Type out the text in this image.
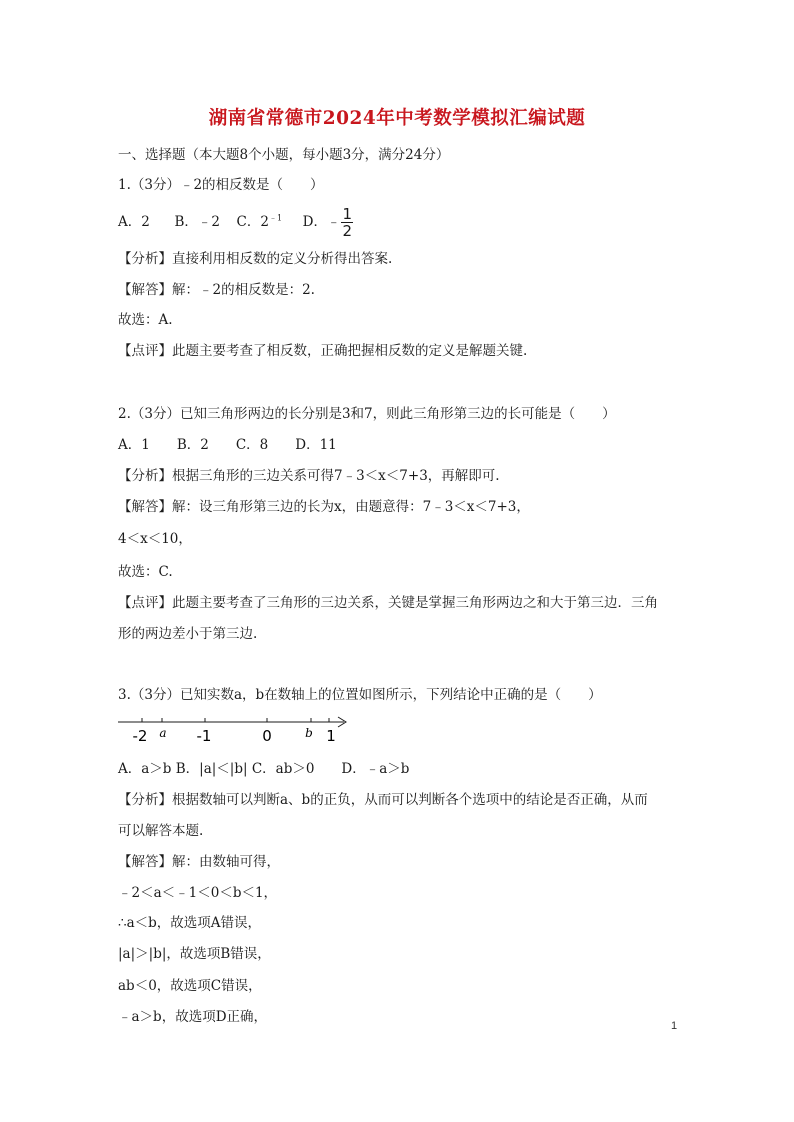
湖南省常德市2024年中考数学模拟汇编试题
一、选择题（本大题8个小题，每小题3分，满分24分）
1.（3分）﹣2的相反数是（　　）
A．2 B．﹣2 C．$2^{﹣1}$ D．﹣ $\frac{1}{2}$
【分析】直接利用相反数的定义分析得出答案.
【解答】解：﹣2的相反数是：2.
故选：A.
【点评】此题主要考查了相反数，正确把握相反数的定义是解题关键.
2.（3分）已知三角形两边的长分别是3和7，则此三角形第三边的长可能是（　　）
A．1　　B．2　　C．8　　D．11
【分析】根据三角形的三边关系可得7﹣3＜x＜7+3，再解即可.
【解答】解：设三角形第三边的长为x，由题意得：7﹣3＜x＜7+3，
4＜x＜10，
故选：C.
【点评】此题主要考查了三角形的三边关系，关键是掌握三角形两边之和大于第三边．三角
形的两边差小于第三边.
3.（3分）已知实数a，b在数轴上的位置如图所示，下列结论中正确的是（　　）
-2	-1	0	1
a	b
A．a＞b B．|a|＜|b| C．ab＞0　　D．﹣a＞b
【分析】根据数轴可以判断a、b的正负，从而可以判断各个选项中的结论是否正确，从而
可以解答本题.
【解答】解：由数轴可得，
﹣2＜a＜﹣1＜0＜b＜1，
∴a＜b，故选项A错误，
|a|＞|b|，故选项B错误，
ab＜0，故选项C错误，
﹣a＞b，故选项D正确，
1
